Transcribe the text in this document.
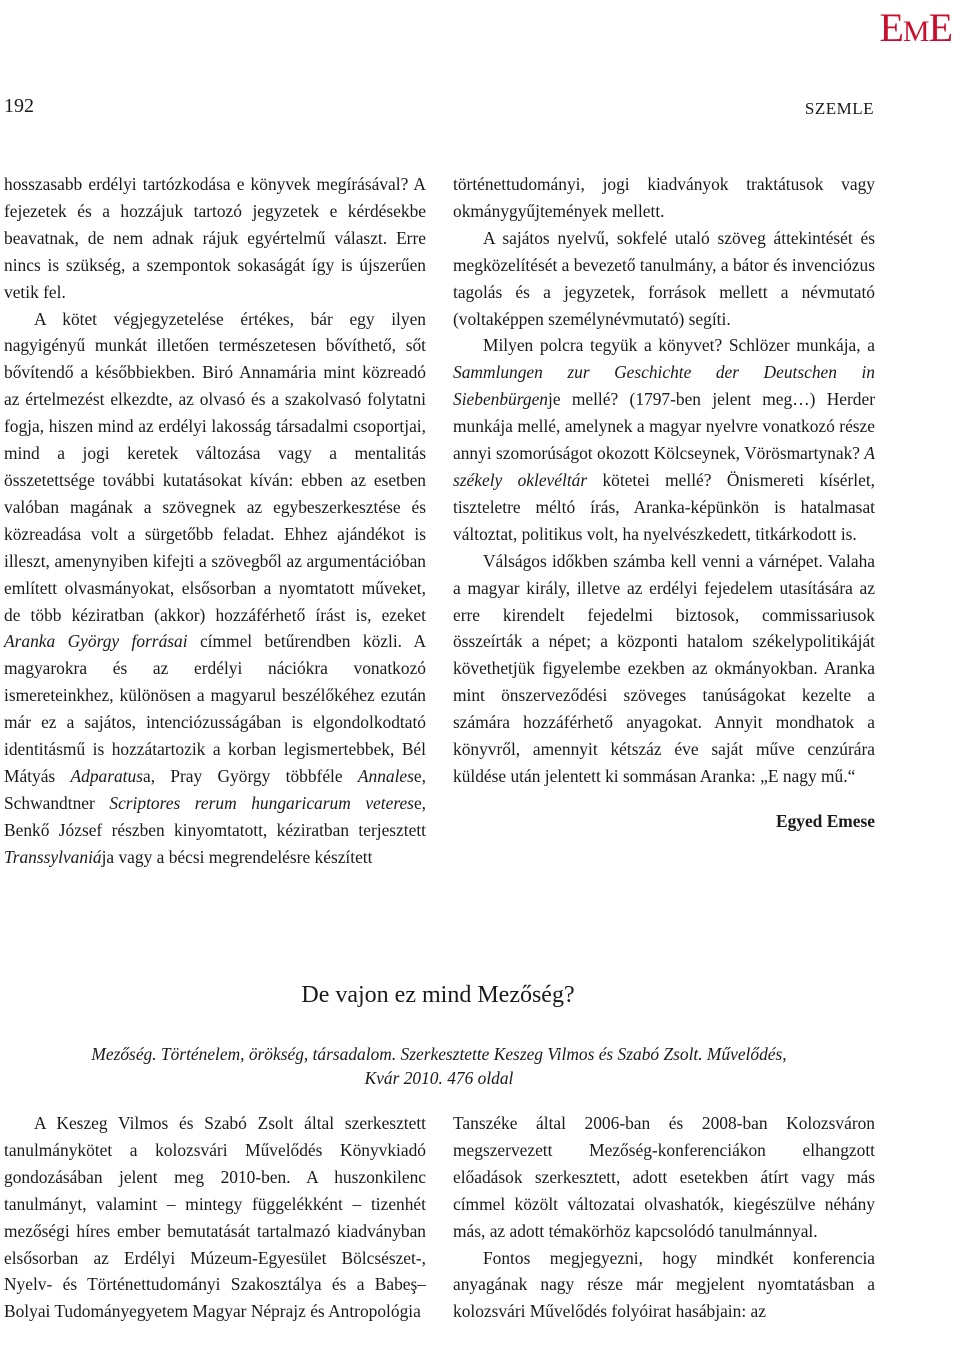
EME
192	SZEMLE

hosszasabb erdélyi tartózkodása e könyvek megírásával? A fejezetek és a hozzájuk tartozó jegyzetek e kérdésekbe beavatnak, de nem adnak rájuk egyértelmű választ. Erre nincs is szükség, a szempontok sokaságát így is újszerűen vetik fel.

A kötet végjegyzetelése értékes, bár egy ilyen nagyigényű munkát illetően természetesen bővíthető, sőt bővítendő a későbbiekben. Biró Annamária mint közreadó az értelmezést elkezdte, az olvasó és a szakolvasó folytatni fogja, hiszen mind az erdélyi lakosság társadalmi csoportjai, mind a jogi keretek változása vagy a mentalitás összetettsége további kutatásokat kíván: ebben az esetben valóban magának a szövegnek az egybeszerkesztése és közreadása volt a sürgetőbb feladat. Ehhez ajándékot is illeszt, amenynyiben kifejti a szövegből az argumentációban említett olvasmányokat, elsősorban a nyomtatott műveket, de több kéziratban (akkor) hozzáférhető írást is, ezeket Aranka György forrásai címmel betűrendben közli. A magyarokra és az erdélyi nációkra vonatkozó ismereteinkhez, különösen a magyarul beszélőkéhez ezután már ez a sajátos, intenciózusságában is elgondolkodtató identitásmű is hozzátartozik a korban legismertebbek, Bél Mátyás Adparatusa, Pray György többféle Annalese, Schwandtner Scriptores rerum hungaricarum veterese, Benkő József részben kinyomtatott, kéziratban terjesztett Transsylvaniája vagy a bécsi megrendelésre készített

történettudományi, jogi kiadványok traktátusok vagy okmánygyűjtemények mellett.

A sajátos nyelvű, sokfelé utaló szöveg áttekintését és megközelítését a bevezető tanulmány, a bátor és invenciózus tagolás és a jegyzetek, források mellett a névmutató (voltaképpen személynévmutató) segíti.

Milyen polcra tegyük a könyvet? Schlözer munkája, a Sammlungen zur Geschichte der Deutschen in Siebenbürgenje mellé? (1797-ben jelent meg…) Herder munkája mellé, amelynek a magyar nyelvre vonatkozó része annyi szomorúságot okozott Kölcseynek, Vörösmartynak? A székely oklevéltár kötetei mellé? Önismereti kísérlet, tiszteletre méltó írás, Aranka-képünkön is hatalmasat változtat, politikus volt, ha nyelvészkedett, titkárkodott is.

Válságos időkben számba kell venni a várnépet. Valaha a magyar király, illetve az erdélyi fejedelem utasítására az erre kirendelt fejedelmi biztosok, commissariusok összeírták a népet; a központi hatalom székelypolitikáját követhetjük figyelembe ezekben az okmányokban. Aranka mint önszerveződési szöveges tanúságokat kezelte a számára hozzáférhető anyagokat. Annyit mondhatok a könyvről, amennyit kétszáz éve saját műve cenzúrára küldése után jelentett ki sommásan Aranka: „E nagy mű.“

Egyed Emese
De vajon ez mind Mezőség?
Mezőség. Történelem, örökség, társadalom. Szerkesztette Keszeg Vilmos és Szabó Zsolt. Művelődés,
Kvár 2010. 476 oldal

A Keszeg Vilmos és Szabó Zsolt által szerkesztett tanulmánykötet a kolozsvári Művelődés Könyvkiadó gondozásában jelent meg 2010-ben. A huszonkilenc tanulmányt, valamint – mintegy függelékként – tizenhét mezőségi híres ember bemutatását tartalmazó kiadványban elsősorban az Erdélyi Múzeum-Egyesület Bölcsészet-, Nyelv- és Történettudományi Szakosztálya és a Babeş–Bolyai Tudományegyetem Magyar Néprajz és Antropológia

Tanszéke által 2006-ban és 2008-ban Kolozsváron megszervezett Mezőség-konferenciákon elhangzott előadások szerkesztett, adott esetekben átírt vagy más címmel közölt változatai olvashatók, kiegészülve néhány más, az adott témakörhöz kapcsolódó tanulmánnyal.

Fontos megjegyezni, hogy mindkét konferencia anyagának nagy része már megjelent nyomtatásban a kolozsvári Művelődés folyóirat hasábjain: az
